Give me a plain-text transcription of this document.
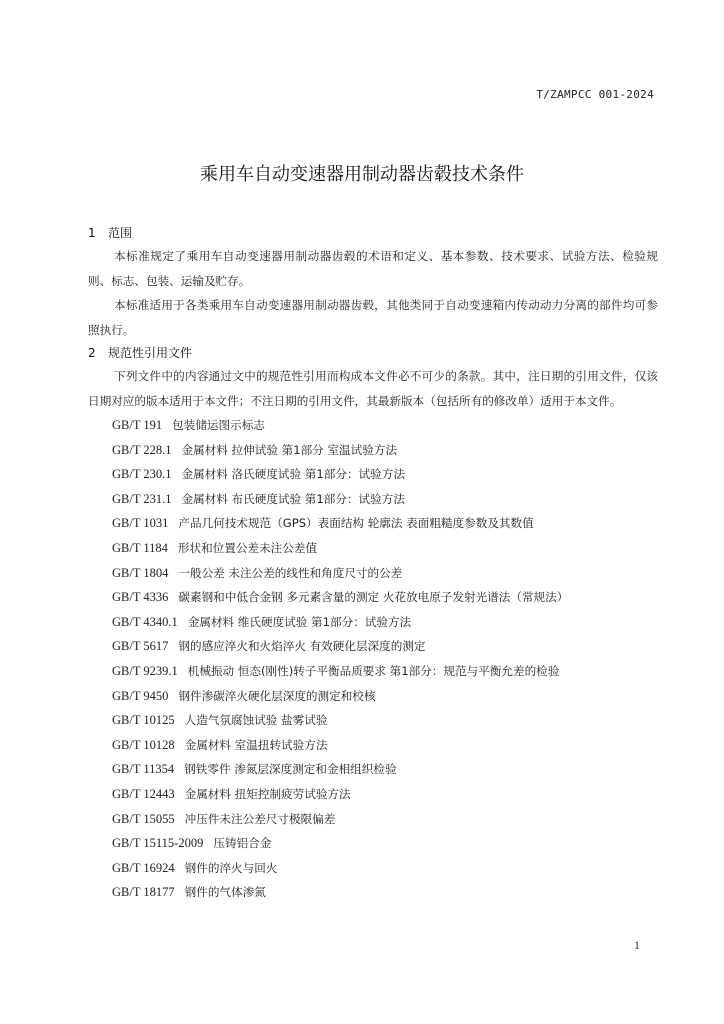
T/ZAMPCC 001-2024
乘用车自动变速器用制动器齿毂技术条件
1 范围

本标准规定了乘用车自动变速器用制动器齿毂的术语和定义、基本参数、技术要求、试验方法、检验规则、标志、包装、运输及贮存。

本标准适用于各类乘用车自动变速器用制动器齿毂，其他类同于自动变速箱内传动动力分离的部件均可参照执行。

2 规范性引用文件

下列文件中的内容通过文中的规范性引用而构成本文件必不可少的条款。其中，注日期的引用文件，仅该日期对应的版本适用于本文件；不注日期的引用文件，其最新版本（包括所有的修改单）适用于本文件。

GB/T 191 包装储运图示标志
GB/T 228.1 金属材料 拉伸试验 第1部分 室温试验方法
GB/T 230.1 金属材料 洛氏硬度试验 第1部分：试验方法
GB/T 231.1 金属材料 布氏硬度试验 第1部分：试验方法
GB/T 1031 产品几何技术规范（GPS）表面结构 轮廓法 表面粗糙度参数及其数值
GB/T 1184 形状和位置公差未注公差值
GB/T 1804 一般公差 未注公差的线性和角度尺寸的公差
GB/T 4336 碳素钢和中低合金钢 多元素含量的测定 火花放电原子发射光谱法（常规法）
GB/T 4340.1 金属材料 维氏硬度试验 第1部分：试验方法
GB/T 5617 钢的感应淬火和火焰淬火 有效硬化层深度的测定
GB/T 9239.1 机械振动 恒态(刚性)转子平衡品质要求 第1部分：规范与平衡允差的检验
GB/T 9450 钢件渗碳淬火硬化层深度的测定和校核
GB/T 10125 人造气氛腐蚀试验 盐雾试验
GB/T 10128 金属材料 室温扭转试验方法
GB/T 11354 钢铁零件 渗氮层深度测定和金相组织检验
GB/T 12443 金属材料 扭矩控制疲劳试验方法
GB/T 15055 冲压件未注公差尺寸极限偏差
GB/T 15115-2009 压铸铝合金
GB/T 16924 钢件的淬火与回火
GB/T 18177 钢件的气体渗氮
1
